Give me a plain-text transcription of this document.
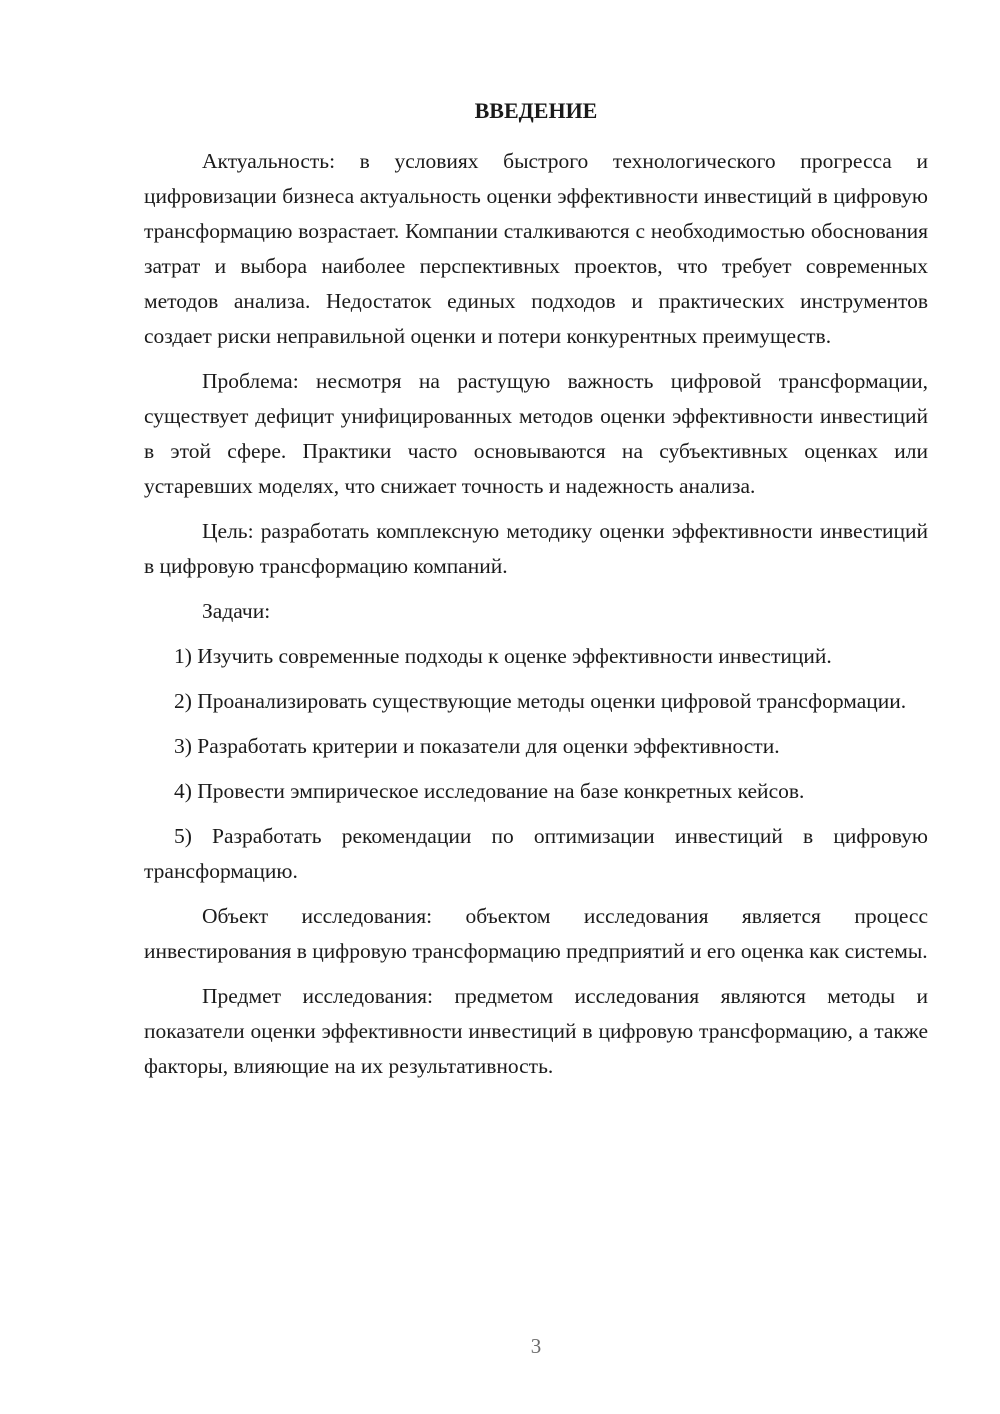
ВВЕДЕНИЕ

Актуальность: в условиях быстрого технологического прогресса и цифровизации бизнеса актуальность оценки эффективности инвестиций в цифровую трансформацию возрастает. Компании сталкиваются с необходимостью обоснования затрат и выбора наиболее перспективных проектов, что требует современных методов анализа. Недостаток единых подходов и практических инструментов создает риски неправильной оценки и потери конкурентных преимуществ.

Проблема: несмотря на растущую важность цифровой трансформации, существует дефицит унифицированных методов оценки эффективности инвестиций в этой сфере. Практики часто основываются на субъективных оценках или устаревших моделях, что снижает точность и надежность анализа.

Цель: разработать комплексную методику оценки эффективности инвестиций в цифровую трансформацию компаний.

Задачи:

1) Изучить современные подходы к оценке эффективности инвестиций.

2) Проанализировать существующие методы оценки цифровой трансформации.

3) Разработать критерии и показатели для оценки эффективности.

4) Провести эмпирическое исследование на базе конкретных кейсов.

5) Разработать рекомендации по оптимизации инвестиций в цифровую трансформацию.

Объект исследования: объектом исследования является процесс инвестирования в цифровую трансформацию предприятий и его оценка как системы.

Предмет исследования: предметом исследования являются методы и показатели оценки эффективности инвестиций в цифровую трансформацию, а также факторы, влияющие на их результативность.

3
